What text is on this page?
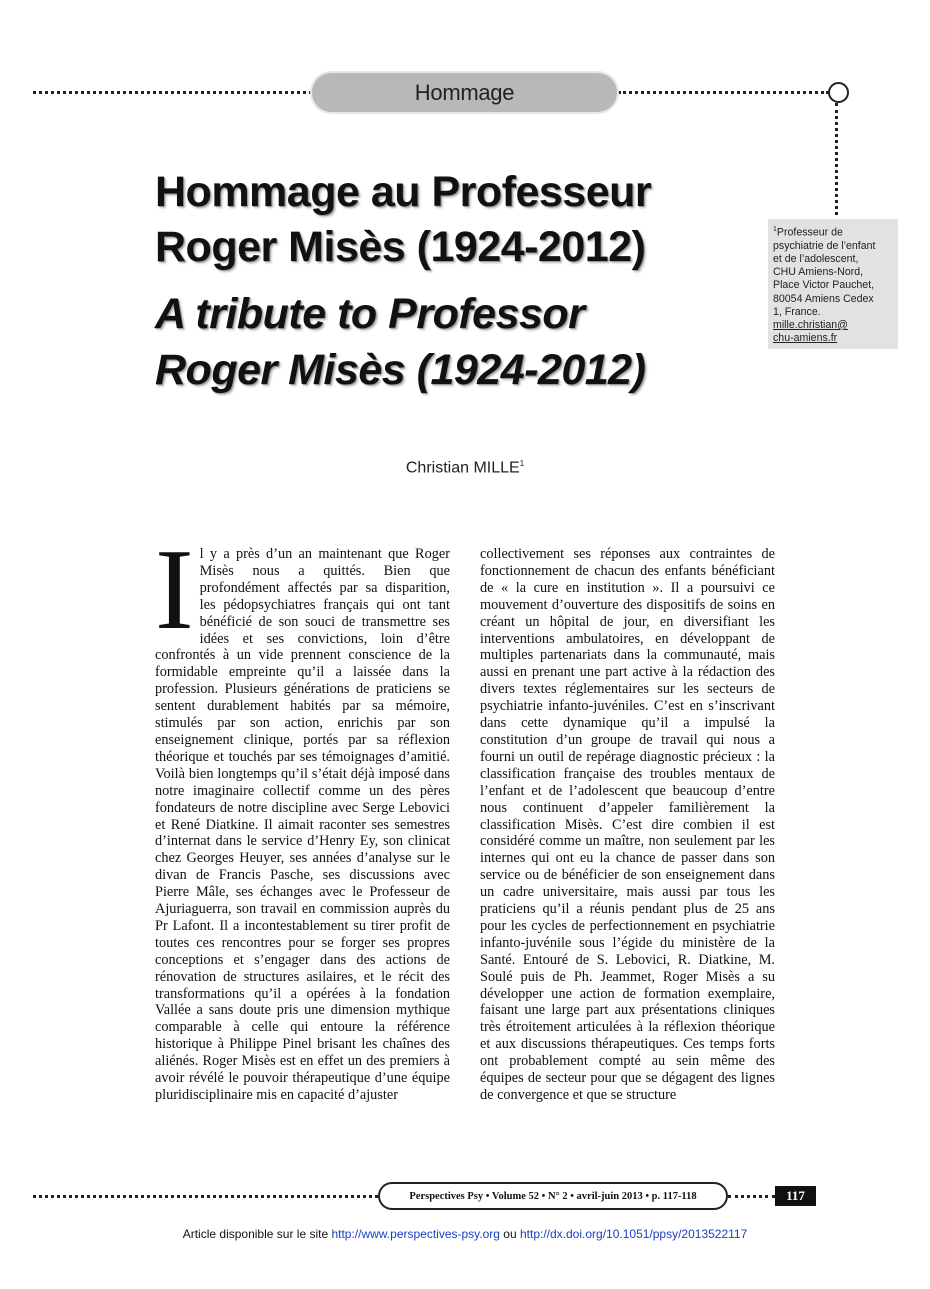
Hommage
Hommage au Professeur
Roger Misès (1924-2012)
A tribute to Professor
Roger Misès (1924-2012)
$^1$Professeur de
psychiatrie de l’enfant
et de l’adolescent,
CHU Amiens-Nord,
Place Victor Pauchet,
80054 Amiens Cedex
1, France.
mille.christian@
chu-amiens.fr
Christian MILLE$^1$
Il y a près d’un an maintenant que Roger Misès nous a quittés. Bien que profondément affectés par sa disparition, les pédopsychiatres français qui ont tant bénéficié de son souci de transmettre ses idées et ses convictions, loin d’être confrontés à un vide prennent conscience de la formidable empreinte qu’il a laissée dans la profession. Plusieurs générations de praticiens se sentent durablement habités par sa mémoire, stimulés par son action, enrichis par son enseignement clinique, portés par sa réflexion théorique et touchés par ses témoignages d’amitié. Voilà bien longtemps qu’il s’était déjà imposé dans notre imaginaire collectif comme un des pères fondateurs de notre discipline avec Serge Lebovici et René Diatkine. Il aimait raconter ses semestres d’internat dans le service d’Henry Ey, son clinicat chez Georges Heuyer, ses années d’analyse sur le divan de Francis Pasche, ses discussions avec Pierre Mâle, ses échanges avec le Professeur de Ajuriaguerra, son travail en commission auprès du Pr Lafont. Il a incontestablement su tirer profit de toutes ces rencontres pour se forger ses propres conceptions et s’engager dans des actions de rénovation de structures asilaires, et le récit des transformations qu’il a opérées à la fondation Vallée a sans doute pris une dimension mythique comparable à celle qui entoure la référence historique à Philippe Pinel brisant les chaînes des aliénés. Roger Misès est en effet un des premiers à avoir révélé le pouvoir thérapeutique d’une équipe pluridisciplinaire mis en capacité d’ajuster
collectivement ses réponses aux contraintes de fonctionnement de chacun des enfants bénéficiant de « la cure en institution ». Il a poursuivi ce mouvement d’ouverture des dispositifs de soins en créant un hôpital de jour, en diversifiant les interventions ambulatoires, en développant de multiples partenariats dans la communauté, mais aussi en prenant une part active à la rédaction des divers textes réglementaires sur les secteurs de psychiatrie infanto-juvéniles. C’est en s’inscrivant dans cette dynamique qu’il a impulsé la constitution d’un groupe de travail qui nous a fourni un outil de repérage diagnostic précieux : la classification française des troubles mentaux de l’enfant et de l’adolescent que beaucoup d’entre nous continuent d’appeler familièrement la classification Misès. C’est dire combien il est considéré comme un maître, non seulement par les internes qui ont eu la chance de passer dans son service ou de bénéficier de son enseignement dans un cadre universitaire, mais aussi par tous les praticiens qu’il a réunis pendant plus de 25 ans pour les cycles de perfectionnement en psychiatrie infanto-juvénile sous l’égide du ministère de la Santé. Entouré de S. Lebovici, R. Diatkine, M. Soulé puis de Ph. Jeammet, Roger Misès a su développer une action de formation exemplaire, faisant une large part aux présentations cliniques très étroitement articulées à la réflexion théorique et aux discussions thérapeutiques. Ces temps forts ont probablement compté au sein même des équipes de secteur pour que se dégagent des lignes de convergence et que se structure
Perspectives Psy • Volume 52 • N° 2 • avril-juin 2013 • p. 117-118	117
Article disponible sur le site http://www.perspectives-psy.org ou http://dx.doi.org/10.1051/ppsy/2013522117
